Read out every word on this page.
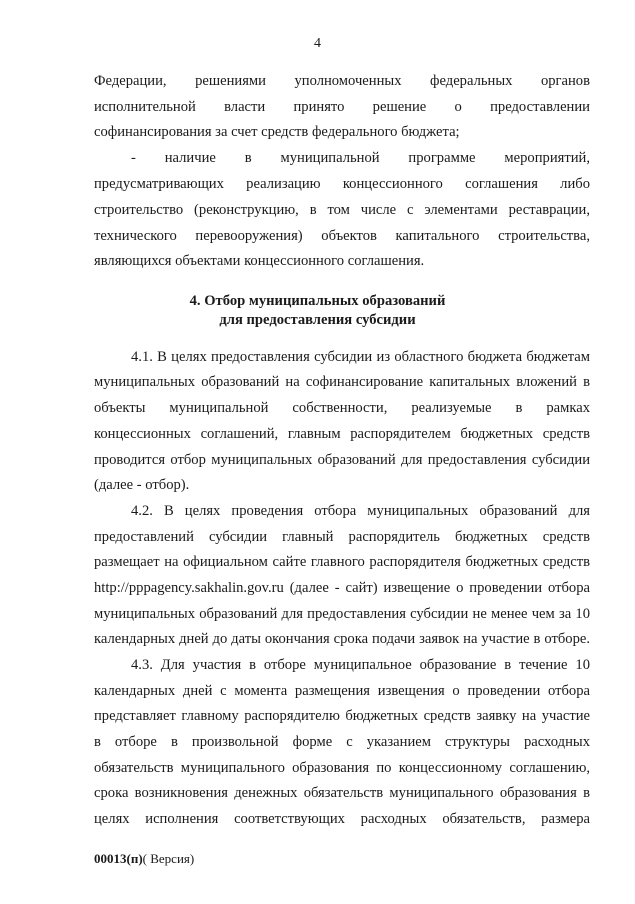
4
Федерации, решениями уполномоченных федеральных органов
исполнительной власти принято решение о предоставлении
софинансирования за счет средств федерального бюджета;
- наличие в муниципальной программе мероприятий,
предусматривающих реализацию концессионного соглашения либо
строительство (реконструкцию, в том числе с элементами реставрации,
технического перевооружения) объектов капитального строительства,
являющихся объектами концессионного соглашения.
4. Отбор муниципальных образований
для предоставления субсидии
4.1. В целях предоставления субсидии из областного бюджета бюджетам
муниципальных образований на софинансирование капитальных вложений в
объекты муниципальной собственности, реализуемые в рамках
концессионных соглашений, главным распорядителем бюджетных средств
проводится отбор муниципальных образований для предоставления субсидии
(далее - отбор).
4.2. В целях проведения отбора муниципальных образований для
предоставлений субсидии главный распорядитель бюджетных средств
размещает на официальном сайте главного распорядителя бюджетных средств
http://pppagency.sakhalin.gov.ru (далее - сайт) извещение о проведении отбора
муниципальных образований для предоставления субсидии не менее чем за 10
календарных дней до даты окончания срока подачи заявок на участие в отборе.
4.3. Для участия в отборе муниципальное образование в течение 10
календарных дней с момента размещения извещения о проведении отбора
представляет главному распорядителю бюджетных средств заявку на участие
в отборе в произвольной форме с указанием структуры расходных
обязательств муниципального образования по концессионному соглашению,
срока возникновения денежных обязательств муниципального образования в
целях исполнения соответствующих расходных обязательств, размера
00013(п)( Версия)
